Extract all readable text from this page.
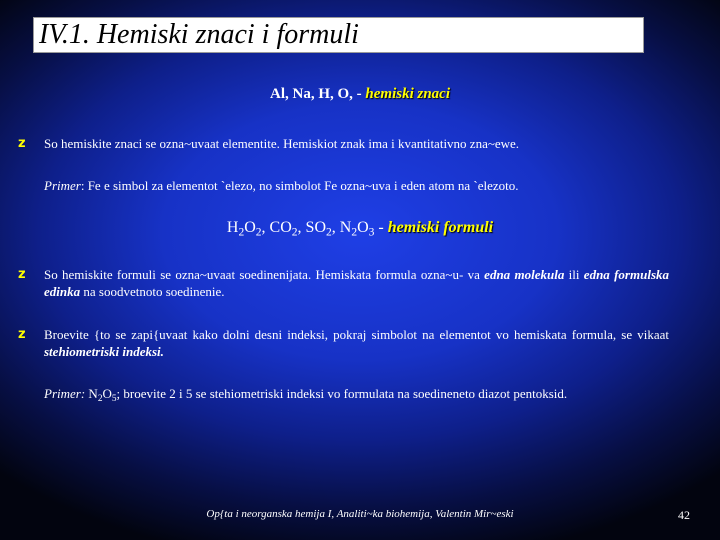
IV.1. Hemiski znaci i formuli
Al, Na, H, O, - hemiski znaci
z	So hemiskite znaci se ozna~uvaat elementite. Hemiskiot znak ima i kvantitativno zna~ewe.
Primer: Fe e simbol za elementot `elezo, no simbolot Fe ozna~uva i eden atom na `elezoto.
$H_2O_2$, $CO_2$, $SO_2$, $N_2O_3$ - hemiski formuli
z	So hemiskite formuli se ozna~uvaat soedinenijata. Hemiskata formula ozna~u- va edna molekula ili edna formulska edinka na soodvetnoto soedinenie.
z	Broevite {to se zapi{uvaat kako dolni desni indeksi, pokraj simbolot na elementot vo hemiskata formula, se vikaat stehiometriski indeksi.
Primer: $N_2O_5$; broevite 2 i 5 se stehiometriski indeksi vo formulata na soedineneto diazot pentoksid.
Op{ta i neorganska hemija I, Analiti~ka biohemija, Valentin Mir~eski	42
